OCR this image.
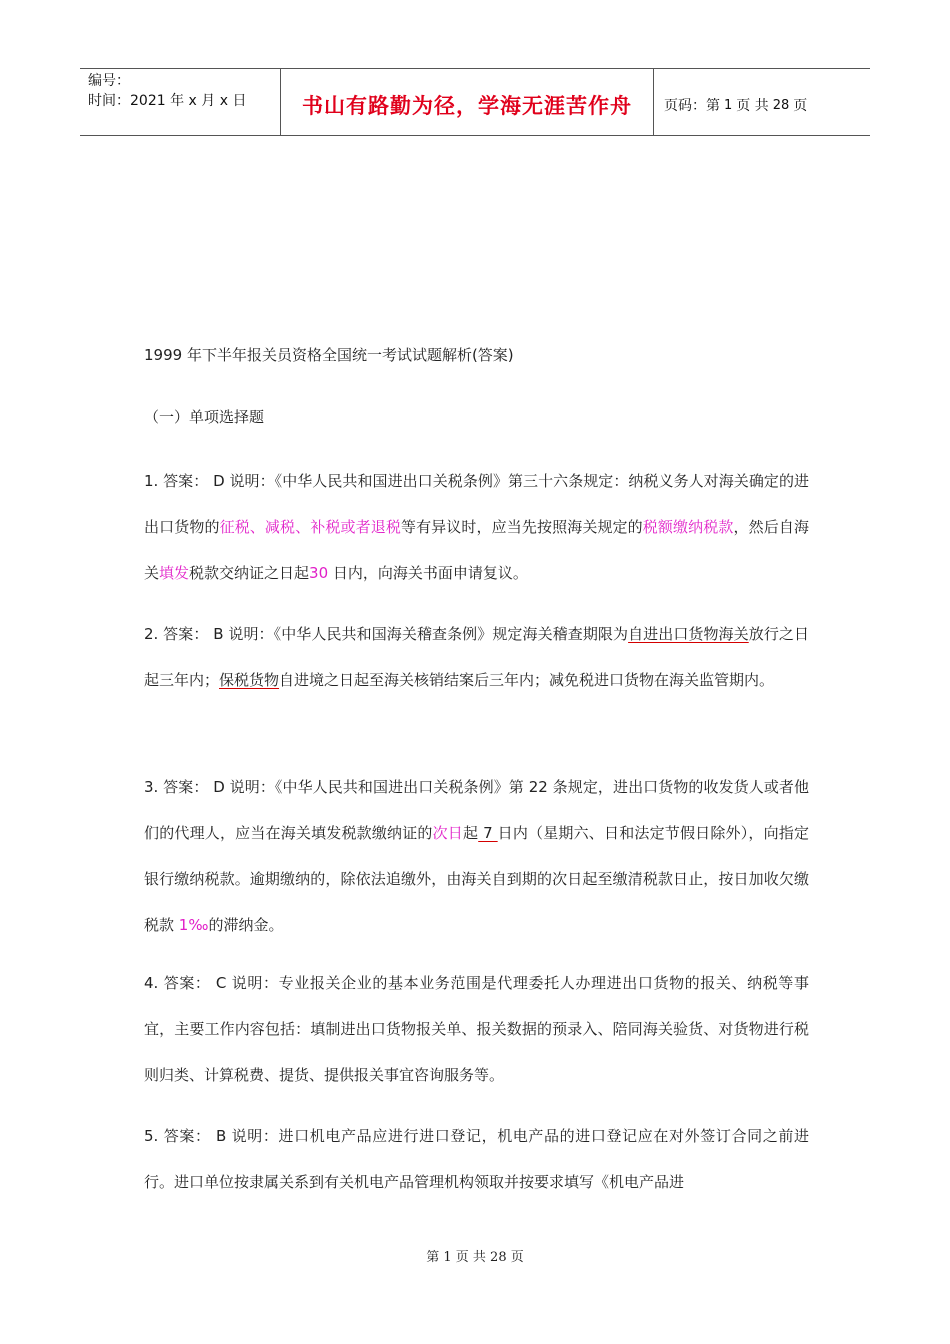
编号：
时间：2021 年 x 月 x 日	书山有路勤为径，学海无涯苦作舟	页码：第 1 页 共 28 页
1999 年下半年报关员资格全国统一考试试题解析(答案)
（一）单项选择题

1. 答案： D 说明：《中华人民共和国进出口关税条例》第三十六条规定：纳税义务人对海关确定的进出口货物的征税、减税、补税或者退税等有异议时，应当先按照海关规定的税额缴纳税款，然后自海关填发税款交纳证之日起30 日内，向海关书面申请复议。

2. 答案： B 说明：《中华人民共和国海关稽查条例》规定海关稽查期限为自进出口货物海关放行之日起三年内；保税货物自进境之日起至海关核销结案后三年内；减免税进口货物在海关监管期内。

3. 答案： D 说明：《中华人民共和国进出口关税条例》第 22 条规定，进出口货物的收发货人或者他们的代理人，应当在海关填发税款缴纳证的次日起 7 日内（星期六、日和法定节假日除外），向指定银行缴纳税款。逾期缴纳的，除依法追缴外，由海关自到期的次日起至缴清税款日止，按日加收欠缴税款 1‰的滞纳金。

4. 答案： C 说明：专业报关企业的基本业务范围是代理委托人办理进出口货物的报关、纳税等事宜，主要工作内容包括：填制进出口货物报关单、报关数据的预录入、陪同海关验货、对货物进行税则归类、计算税费、提货、提供报关事宜咨询服务等。

5. 答案： B 说明：进口机电产品应进行进口登记，机电产品的进口登记应在对外签订合同之前进行。进口单位按隶属关系到有关机电产品管理机构领取并按要求填写《机电产品进

第 1 页 共 28 页
